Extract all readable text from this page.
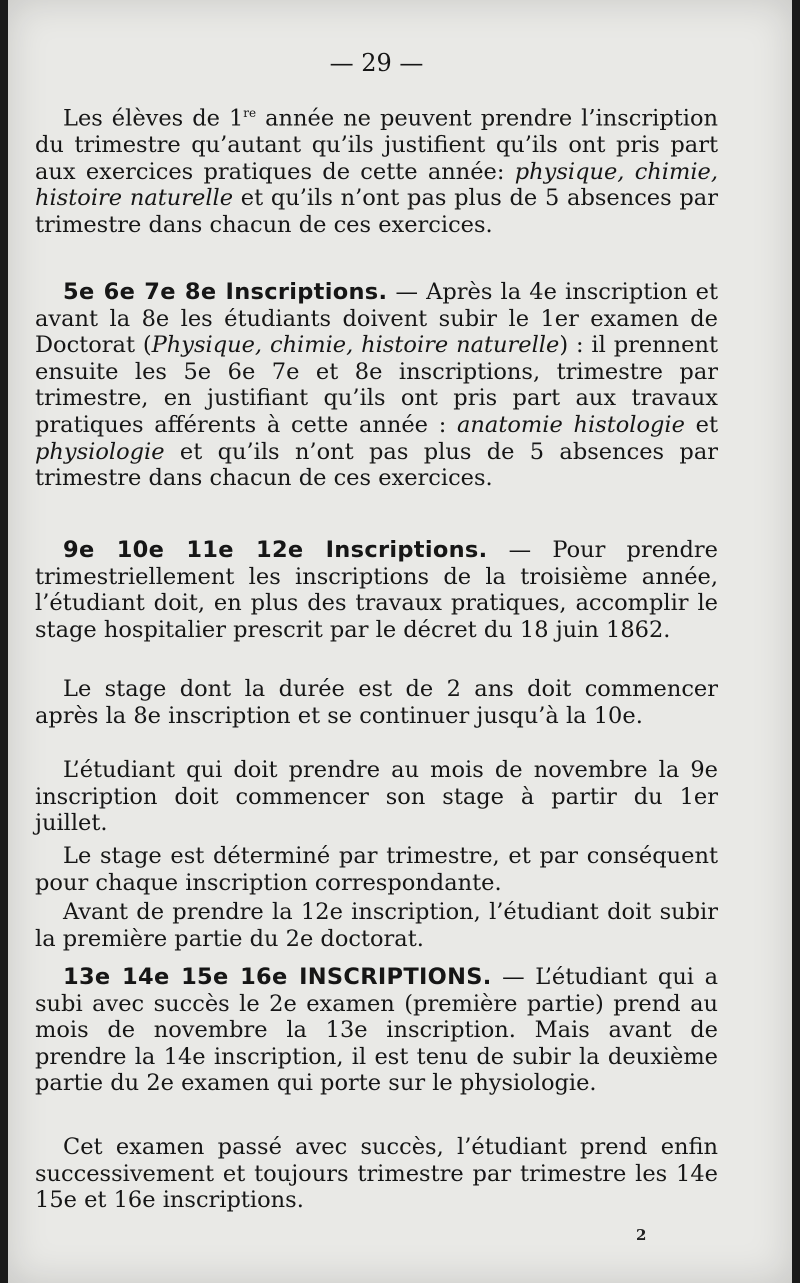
— 29 —

Les élèves de 1re année ne peuvent prendre l’inscription du trimestre qu’autant qu’ils justifient qu’ils ont pris part aux exercices pratiques de cette année: physique, chimie, histoire naturelle et qu’ils n’ont pas plus de 5 absences par trimestre dans chacun de ces exercices.

5e 6e 7e 8e Inscriptions. — Après la 4e inscription et avant la 8e les étudiants doivent subir le 1er examen de Doctorat (Physique, chimie, histoire naturelle) : il prennent ensuite les 5e 6e 7e et 8e inscriptions, trimestre par trimestre, en justifiant qu’ils ont pris part aux travaux pratiques afférents à cette année : anatomie histologie et physiologie et qu’ils n’ont pas plus de 5 absences par trimestre dans chacun de ces exercices.

9e 10e 11e 12e Inscriptions. — Pour prendre trimestriellement les inscriptions de la troisième année, l’étudiant doit, en plus des travaux pratiques, accomplir le stage hospitalier prescrit par le décret du 18 juin 1862.

Le stage dont la durée est de 2 ans doit commencer après la 8e inscription et se continuer jusqu’à la 10e.

L’étudiant qui doit prendre au mois de novembre la 9e inscription doit commencer son stage à partir du 1er juillet.

Le stage est déterminé par trimestre, et par conséquent pour chaque inscription correspondante.

Avant de prendre la 12e inscription, l’étudiant doit subir la première partie du 2e doctorat.

13e 14e 15e 16e INSCRIPTIONS. — L’étudiant qui a subi avec succès le 2e examen (première partie) prend au mois de novembre la 13e inscription. Mais avant de prendre la 14e inscription, il est tenu de subir la deuxième partie du 2e examen qui porte sur le physiologie.

Cet examen passé avec succès, l’étudiant prend enfin successivement et toujours trimestre par trimestre les 14e 15e et 16e inscriptions.

2
